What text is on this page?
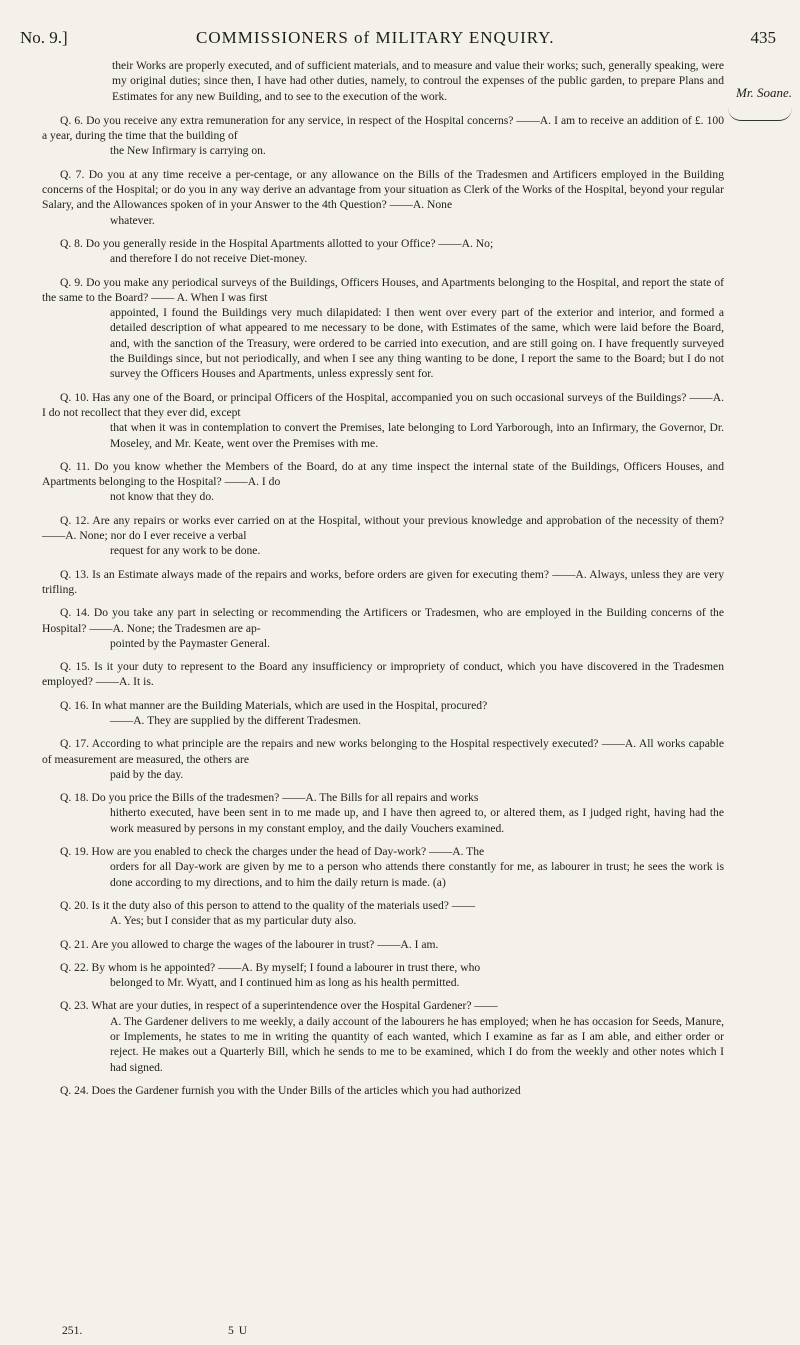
No. 9.]	COMMISSIONERS of MILITARY ENQUIRY.	435
Mr. Soane.

their Works are properly executed, and of sufficient materials, and to measure and value their works; such, generally speaking, were my original duties; since then, I have had other duties, namely, to controul the expenses of the public garden, to prepare Plans and Estimates for any new Building, and to see to the execution of the work.

Q. 6. Do you receive any extra remuneration for any service, in respect of the Hospital concerns? ——A. I am to receive an addition of £. 100 a year, during the time that the building of
the New Infirmary is carrying on.
Q. 7. Do you at any time receive a per-centage, or any allowance on the Bills of the Tradesmen and Artificers employed in the Building concerns of the Hospital; or do you in any way derive an advantage from your situation as Clerk of the Works of the Hospital, beyond your regular Salary, and the Allowances spoken of in your Answer to the 4th Question? ——A. None
whatever.
Q. 8. Do you generally reside in the Hospital Apartments allotted to your Office? ——A. No;
and therefore I do not receive Diet-money.
Q. 9. Do you make any periodical surveys of the Buildings, Officers Houses, and Apartments belonging to the Hospital, and report the state of the same to the Board? —— A. When I was first
appointed, I found the Buildings very much dilapidated: I then went over every part of the exterior and interior, and formed a detailed description of what appeared to me necessary to be done, with Estimates of the same, which were laid before the Board, and, with the sanction of the Treasury, were ordered to be carried into execution, and are still going on. I have frequently surveyed the Buildings since, but not periodically, and when I see any thing wanting to be done, I report the same to the Board; but I do not survey the Officers Houses and Apartments, unless expressly sent for.
Q. 10. Has any one of the Board, or principal Officers of the Hospital, accompanied you on such occasional surveys of the Buildings? ——A. I do not recollect that they ever did, except
that when it was in contemplation to convert the Premises, late belonging to Lord Yarborough, into an Infirmary, the Governor, Dr. Moseley, and Mr. Keate, went over the Premises with me.
Q. 11. Do you know whether the Members of the Board, do at any time inspect the internal state of the Buildings, Officers Houses, and Apartments belonging to the Hospital? ——A. I do
not know that they do.
Q. 12. Are any repairs or works ever carried on at the Hospital, without your previous knowledge and approbation of the necessity of them? ——A. None; nor do I ever receive a verbal
request for any work to be done.
Q. 13. Is an Estimate always made of the repairs and works, before orders are given for executing them? ——A. Always, unless they are very trifling.
Q. 14. Do you take any part in selecting or recommending the Artificers or Tradesmen, who are employed in the Building concerns of the Hospital? ——A. None; the Tradesmen are ap-
pointed by the Paymaster General.
Q. 15. Is it your duty to represent to the Board any insufficiency or impropriety of conduct, which you have discovered in the Tradesmen employed? ——A. It is.
Q. 16. In what manner are the Building Materials, which are used in the Hospital, procured?
——A. They are supplied by the different Tradesmen.
Q. 17. According to what principle are the repairs and new works belonging to the Hospital respectively executed? ——A. All works capable of measurement are measured, the others are
paid by the day.
Q. 18. Do you price the Bills of the tradesmen? ——A. The Bills for all repairs and works
hitherto executed, have been sent in to me made up, and I have then agreed to, or altered them, as I judged right, having had the work measured by persons in my constant employ, and the daily Vouchers examined.
Q. 19. How are you enabled to check the charges under the head of Day-work? ——A. The
orders for all Day-work are given by me to a person who attends there constantly for me, as labourer in trust; he sees the work is done according to my directions, and to him the daily return is made. (a)
Q. 20. Is it the duty also of this person to attend to the quality of the materials used? ——
A. Yes; but I consider that as my particular duty also.
Q. 21. Are you allowed to charge the wages of the labourer in trust? ——A. I am.
Q. 22. By whom is he appointed? ——A. By myself; I found a labourer in trust there, who
belonged to Mr. Wyatt, and I continued him as long as his health permitted.
Q. 23. What are your duties, in respect of a superintendence over the Hospital Gardener? ——
A. The Gardener delivers to me weekly, a daily account of the labourers he has employed; when he has occasion for Seeds, Manure, or Implements, he states to me in writing the quantity of each wanted, which I examine as far as I am able, and either order or reject. He makes out a Quarterly Bill, which he sends to me to be examined, which I do from the weekly and other notes which I had signed.
Q. 24. Does the Gardener furnish you with the Under Bills of the articles which you had authorized
251.	5 U
